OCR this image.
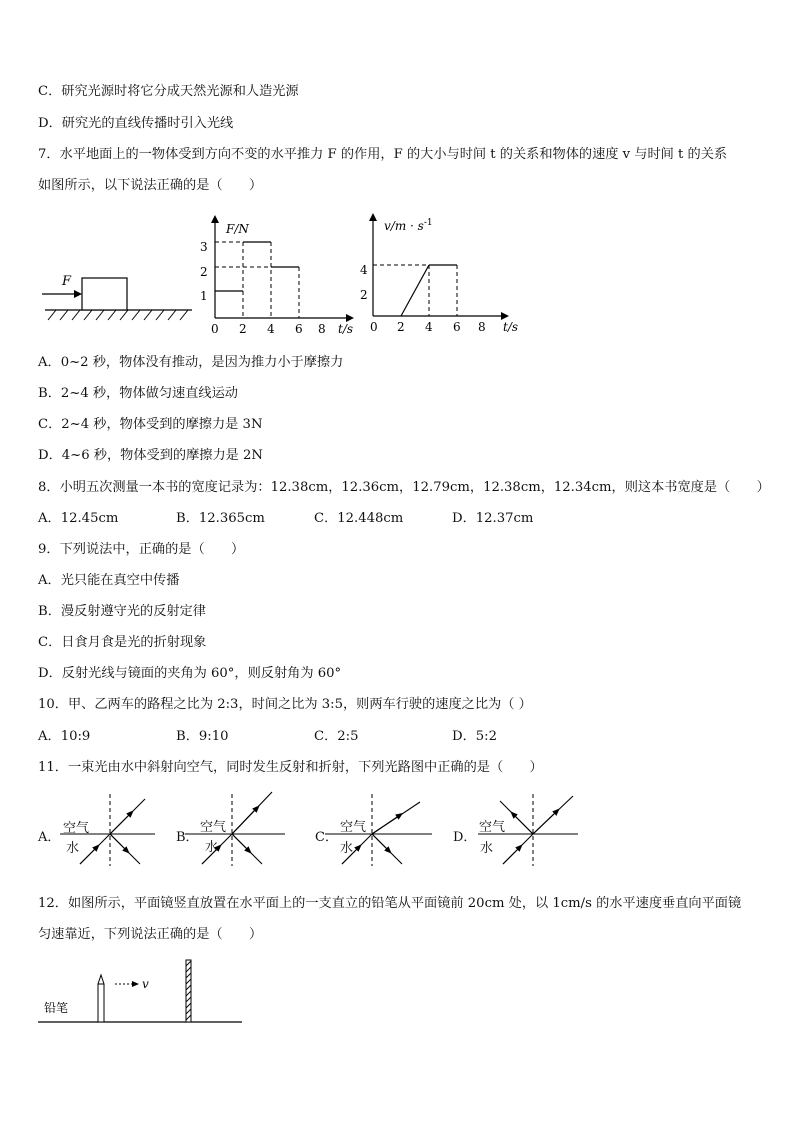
C．研究光源时将它分成天然光源和人造光源
D．研究光的直线传播时引入光线
7．水平地面上的一物体受到方向不变的水平推力 F 的作用，F 的大小与时间 t 的关系和物体的速度 v 与时间 t 的关系
如图所示，以下说法正确的是（　　）
F
F/N
1
2
3
0 2 4 6 8 t/s
$v/m \cdot s^{-1}$
2
4
0 2 4 6 8 t/s
A．0~2 秒，物体没有推动，是因为推力小于摩擦力
B．2~4 秒，物体做匀速直线运动
C．2~4 秒，物体受到的摩擦力是 3N
D．4~6 秒，物体受到的摩擦力是 2N
8．小明五次测量一本书的宽度记录为：12.38cm，12.36cm，12.79cm，12.38cm，12.34cm，则这本书宽度是（　　）
A．12.45cm	B．12.365cm	C．12.448cm	D．12.37cm
9．下列说法中，正确的是（　　）
A．光只能在真空中传播
B．漫反射遵守光的反射定律
C．日食月食是光的折射现象
D．反射光线与镜面的夹角为 60°，则反射角为 60°
10．甲、乙两车的路程之比为 2:3，时间之比为 3:5，则两车行驶的速度之比为（ ）
A．10:9	B．9:10	C．2:5	D．5:2
11．一束光由水中斜射向空气，同时发生反射和折射，下列光路图中正确的是（　　）
A．
空气
水
B．
空气
水
C．
空气
水
D．
空气
水
12．如图所示，平面镜竖直放置在水平面上的一支直立的铅笔从平面镜前 20cm 处，以 1cm/s 的水平速度垂直向平面镜
匀速靠近，下列说法正确的是（　　）
铅笔
v
